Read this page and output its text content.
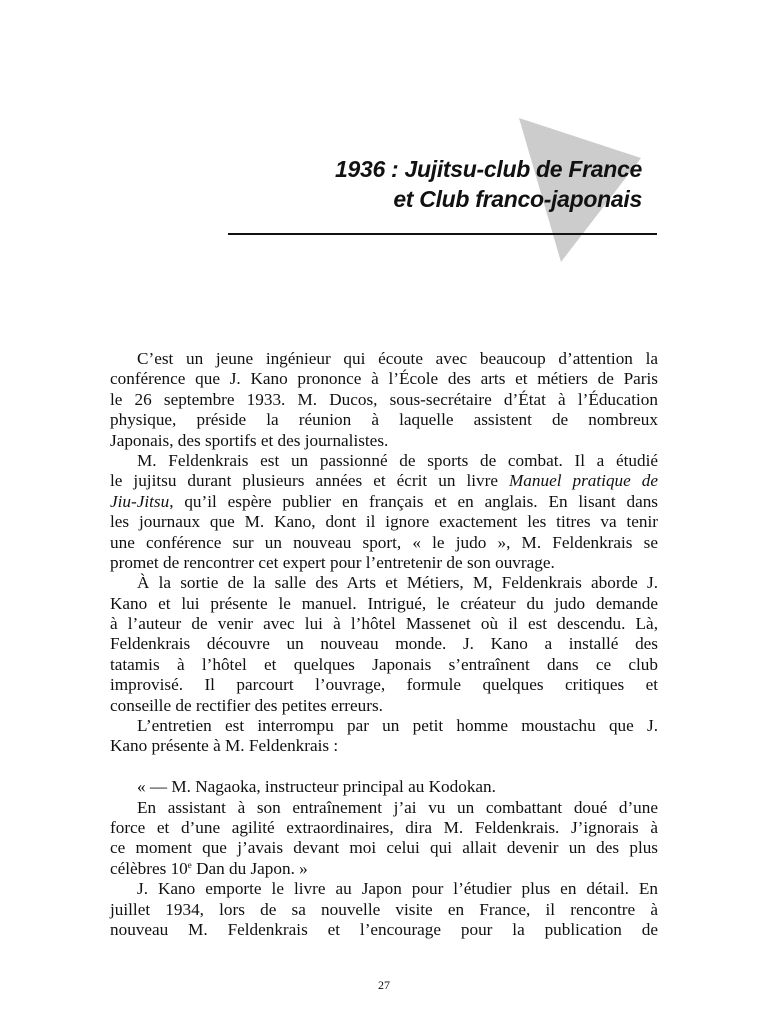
1936 : Jujitsu-club de France
et Club franco-japonais
C’est un jeune ingénieur qui écoute avec beaucoup d’attention la
conférence que J. Kano prononce à l’École des arts et métiers de Paris
le 26 septembre 1933. M. Ducos, sous-secrétaire d’État à l’Éducation
physique, préside la réunion à laquelle assistent de nombreux
Japonais, des sportifs et des journalistes.
M. Feldenkrais est un passionné de sports de combat. Il a étudié
le jujitsu durant plusieurs années et écrit un livre Manuel pratique de
Jiu-Jitsu, qu’il espère publier en français et en anglais. En lisant dans
les journaux que M. Kano, dont il ignore exactement les titres va tenir
une conférence sur un nouveau sport, « le judo », M. Feldenkrais se
promet de rencontrer cet expert pour l’entretenir de son ouvrage.
À la sortie de la salle des Arts et Métiers, M, Feldenkrais aborde J.
Kano et lui présente le manuel. Intrigué, le créateur du judo demande
à l’auteur de venir avec lui à l’hôtel Massenet où il est descendu. Là,
Feldenkrais découvre un nouveau monde. J. Kano a installé des
tatamis à l’hôtel et quelques Japonais s’entraînent dans ce club
improvisé. Il parcourt l’ouvrage, formule quelques critiques et
conseille de rectifier des petites erreurs.
L’entretien est interrompu par un petit homme moustachu que J.
Kano présente à M. Feldenkrais :
« — M. Nagaoka, instructeur principal au Kodokan.
En assistant à son entraînement j’ai vu un combattant doué d’une
force et d’une agilité extraordinaires, dira M. Feldenkrais. J’ignorais à
ce moment que j’avais devant moi celui qui allait devenir un des plus
célèbres 10e Dan du Japon. »
J. Kano emporte le livre au Japon pour l’étudier plus en détail. En
juillet 1934, lors de sa nouvelle visite en France, il rencontre à
nouveau M. Feldenkrais et l’encourage pour la publication de
27
